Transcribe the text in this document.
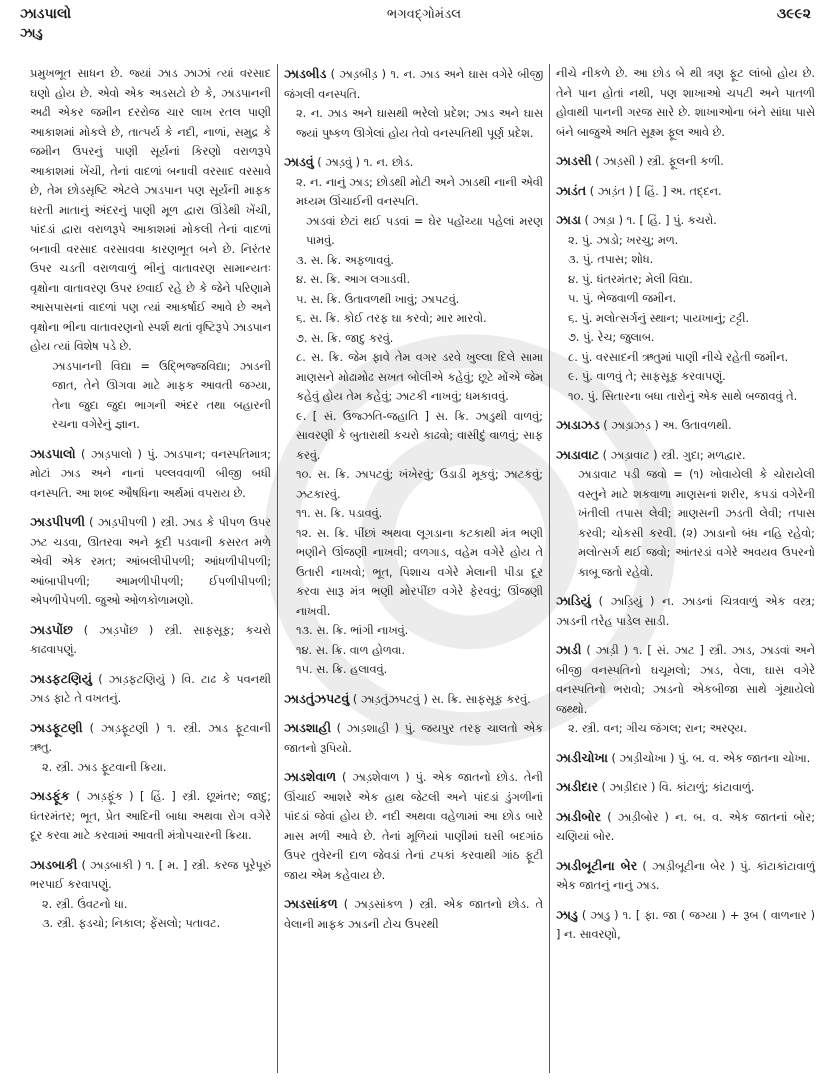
ઝાડપાલો	ભગવદ્ગોમંડલ	૩૯૯૨
ઝાડુ

પ્રમુખભૂત સાધન છે. જ્યાં ઝાડ ઝાઝાં ત્યાં વરસાદ ઘણો હોય છે. એવો એક અડસટો છે કે, ઝાડપાનની અઢી એકર જમીન દરરોજ ચાર લાખ રતલ પાણી આકાશમાં મોકલે છે, તાત્પર્ય કે નદી, નાળાં, સમુદ્ર કે જમીન ઉપરનું પાણી સૂર્યનાં કિરણો વરાળરૂપે આકાશમાં ખેંચી, તેનાં વાદળાં બનાવી વરસાદ વરસાવે છે, તેમ છોડસૃષ્ટિ એટલે ઝાડપાન પણ સૂર્યની માફક ધરતી માતાનું અંદરનું પાણી મૂળ દ્વારા ઊંડેથી ખેંચી, પાંદડાં દ્વારા વરાળરૂપે આકાશમાં મોકલી તેનાં વાદળાં બનાવી વરસાદ વરસાવવા કારણભૂત બને છે. નિરંતર ઉપર ચડતી વરાળવાળું ભીનું વાતાવરણ સામાન્યતઃ વૃક્ષોના વાતાવરણ ઉપર છવાઈ રહે છે કે જેને પરિણામે આસપાસનાં વાદળાં પણ ત્યાં આકર્ષાઈ આવે છે અને વૃક્ષોના ભીના વાતાવરણનો સ્પર્શ થતાં વૃષ્ટિરૂપે ઝાડપાન હોય ત્યાં વિશેષ પડે છે.

ઝાડપાનની વિદ્યા = ઉદ્ભિજ્જવિદ્યા; ઝાડની જાત, તેને ઊગવા માટે માફક આવતી જગ્યા, તેના જુદા જુદા ભાગની અંદર તથા બહારની રચના વગેરેનું જ્ઞાન.

ઝાડપાલો ( ઝાડ઼પાલો ) પું. ઝાડપાન; વનસ્પતિમાત્ર; મોટાં ઝાડ અને નાનાં પલ્લવવાળી બીજી બધી વનસ્પતિ. આ શબ્દ ઔષધિના અર્થમાં વપરાય છે.

ઝાડપીપળી ( ઝાડ઼પીપળી ) સ્ત્રી. ઝાડ કે પીપળ ઉપર ઝટ ચડવા, ઊતરવા અને કૂદી પડવાની કસરત મળે એવી એક રમત; આંબલીપીપળી; આંધળીપીપળી; આંબાપીપળી; આમળીપીપળી; ઈપળીપીપળી; એપળીપેપળી. જુઓ ઓળકોળામણો.

ઝાડપોંછ ( ઝાડ઼પોંછ ) સ્ત્રી. સાફસૂફ; કચરો કાઢવાપણું.

ઝાડફટણિયું ( ઝાડ઼ફટણિયું ) વિ. ટાઢ કે પવનથી ઝાડ ફાટે તે વખતનું.

ઝાડફૂટણી ( ઝાડ઼ફૂટણી ) ૧. સ્ત્રી. ઝાડ ફૂટવાની ઋતુ.

૨. સ્ત્રી. ઝાડ ફૂટવાની ક્રિયા.

ઝાડફૂંક ( ઝાડ઼ફૂંક ) [ હિં. ] સ્ત્રી. છૂમંતર; જાદુ; ધંતરમંતર; ભૂત, પ્રેત આદિની બાધા અથવા રોગ વગેરે દૂર કરવા માટે કરવામાં આવતી મંત્રોપચારની ક્રિયા.

ઝાડબાકી ( ઝાડ઼બાકી ) ૧. [ મ. ] સ્ત્રી. કરજ પૂરેપૂરું ભરપાઈ કરવાપણું.

૨. સ્ત્રી. ઉંવટનો ધા.

૩. સ્ત્રી. ફડચો; નિકાલ; ફેંસલો; પતાવટ.

ઝાડબીડ ( ઝાડ઼બીડ઼ ) ૧. ન. ઝાડ અને ઘાસ વગેરે બીજી જંગલી વનસ્પતિ.

૨. ન. ઝાડ અને ઘાસથી ભરેલો પ્રદેશ; ઝાડ અને ઘાસ જ્યાં પુષ્કળ ઊગેલાં હોય તેવો વનસ્પતિથી પૂર્ણ પ્રદેશ.

ઝાડવું ( ઝાડ઼વું ) ૧. ન. છોડ.

૨. ન. નાનું ઝાડ; છોડથી મોટી અને ઝાડથી નાની એવી મધ્યમ ઊંચાઈની વનસ્પતિ.

ઝાડવાં છેટાં થઈ પડવાં = ઘેર પહોંચ્યા પહેલાં મરણ પામવું.

૩. સ. ક્રિ. અફળાવવું.

૪. સ. ક્રિ. આગ લગાડવી.

૫. સ. ક્રિ. ઉતાવળથી ખાવું; ઝાપટવું.

૬. સ. ક્રિ. કોઈ તરફ ઘા કરવો; માર મારવો.

૭. સ. ક્રિ. જાદુ કરવું.

૮. સ. ક્રિ. જેમ ફાવે તેમ વગર ડરવે ખુલ્લા દિલે સામા માણસને મોઢામોઢ સખત બોલીએ કહેવું; છૂટે મોંએ જેમ કહેવું હોય તેમ કહેવું; ઝાટકી નાખવું; ધમકાવવું.

૯. [ સં. ઉજ્ઝતિ-જહાતિ ] સ. ક્રિ. ઝાડુથી વાળવું; સાવરણી કે બુતારાથી કચરો કાઢવો; વાસીદું વાળવું; સાફ કરવું.

૧૦. સ. ક્રિ. ઝાપટવું; ખંખેરવું; ઉડાડી મૂકવું; ઝાટકવું; ઝટકારવું.

૧૧. સ. ક્રિ. પડાવવું.

૧૨. સ. ક્રિ. પીંછાં અથવા લૂગડાના કટકાથી મંત્ર ભણી ભણીને ઊંજણી નાખવી; વળગાડ, વહેમ વગેરે હોય તે ઉતારી નાખવો; ભૂત, પિશાચ વગેરે મેલાની પીડા દૂર કરવા સારૂ મંત્ર ભણી મોરપીંછ વગેરે ફેરવવું; ઊંજણી નાખવી.

૧૩. સ. ક્રિ. ભાંગી નાખવું.

૧૪. સ. ક્રિ. વાળ હોળવા.

૧૫. સ. ક્રિ. હલાવવું.

ઝાડતુંઝપટવું ( ઝાડ઼તુંઝપટવું ) સ. ક્રિ. સાફસૂફ કરવું.

ઝાડશાહી ( ઝાડ઼શાહી ) પું. જયપુર તરફ ચાલતો એક જાતનો રૂપિયો.

ઝાડશેવાળ ( ઝાડ઼શેવાળ ) પું. એક જાતનો છોડ. તેની ઊંચાઈ આશરે એક હાથ જેટલી અને પાંદડાં ડુંગળીનાં પાંદડાં જેવાં હોય છે. નદી અથવા વહેળામાં આ છોડ બારે માસ મળી આવે છે. તેનાં મૂળિયાં પાણીમાં ઘસી બદગાંઠ ઉપર તુવેરની દાળ જેવડાં તેનાં ટપકાં કરવાથી ગાંઠ ફૂટી જાય એમ કહેવાય છે.

ઝાડસાંકળ ( ઝાડ઼સાંકળ ) સ્ત્રી. એક જાતનો છોડ. તે વેલાની માફક ઝાડની ટોચ ઉપરથી

નીચે નીકળે છે. આ છોડ બે થી ત્રણ ફૂટ લાંબો હોય છે. તેને પાન હોતાં નથી, પણ શાખાઓ ચપટી અને પાતળી હોવાથી પાનની ગરજ સારે છે. શાખાઓના બંને સાંધા પાસે બંને બાજુએ અતિ સૂક્ષ્મ ફૂલ આવે છે.

ઝાડસી ( ઝાડ઼સી ) સ્ત્રી. ફૂલની કળી.

ઝાડંત ( ઝાડ઼ંત ) [ હિં. ] અ. તદ્દન.

ઝાડા ( ઝાડ઼ા ) ૧. [ હિં. ] પું. કચરો.

૨. પું. ઝાડો; ખરચુ; મળ.

૩. પું. તપાસ; શોધ.

૪. પું. ધંતરમંતર; મેલી વિદ્યા.

૫. પું. ભેજવાળી જમીન.

૬. પું. મલોત્સર્ગનું સ્થાન; પાયખાનું; ટટ્ટી.

૭. પું. રેચ; જુલાબ.

૮. પું. વરસાદની ઋતુમાં પાણી નીચે રહેતી જમીન.

૯. પું. વાળવું તે; સાફસૂફ કરવાપણું.

૧૦. પું. સિતારના બધા તારોનું એક સાથે બજાવવું તે.

ઝાડાઝડ ( ઝાડ઼ાઝડ઼ ) અ. ઉતાવળથી.

ઝાડાવાટ ( ઝાડ઼ાવાટ ) સ્ત્રી. ગુદા; મળદ્વાર.

ઝાડાવાટ પડી જવો = (૧) ખોવાયેલી કે ચોરાયેલી વસ્તુને માટે શકવાળા માણસનાં શરીર, કપડાં વગેરેની ખંતીલી તપાસ લેવી; માણસની ઝડતી લેવી; તપાસ કરવી; ચોકસી કરવી. (૨) ઝાડાનો બંધ નહિ રહેવો; મલોત્સર્ગ થઈ જવો; આંતરડાં વગેરે અવયવ ઉપરનો કાબૂ જતો રહેવો.

ઝાડિયું ( ઝાડ઼િયું ) ન. ઝાડનાં ચિત્રવાળું એક વસ્ત્ર; ઝાડની તરેહ પાડેલ સાડી.

ઝાડી ( ઝાડ઼ી ) ૧. [ સં. ઝાટ ] સ્ત્રી. ઝાડ, ઝાડવાં અને બીજી વનસ્પતિનો ઘચૂમલો; ઝાડ, વેલા, ઘાસ વગેરે વનસ્પતિનો ભરાવો; ઝાડનો એકબીજા સાથે ગૂંથાયેલો જથ્થો.

૨. સ્ત્રી. વન; ગીચ જંગલ; રાન; અરણ્ય.

ઝાડીચોખા ( ઝાડ઼ીચોખા ) પું. બ. વ. એક જાતના ચોખા.

ઝાડીદાર ( ઝાડ઼ીદાર ) વિ. કાંટાળું; કાંટાવાળું.

ઝાડીબોર ( ઝાડ઼ીબોર ) ન. બ. વ. એક જાતનાં બોર; ચણિયાં બોર.

ઝાડીબૂટીના બેર ( ઝાડ઼ીબૂટીના બેર ) પું. કાંટાકાંટાવાળું એક જાતનું નાનું ઝાડ.

ઝાડુ ( ઝાડ઼ુ ) ૧. [ ફા. જા ( જગ્યા ) + રૂબ ( વાળનાર ) ] ન. સાવરણો,
